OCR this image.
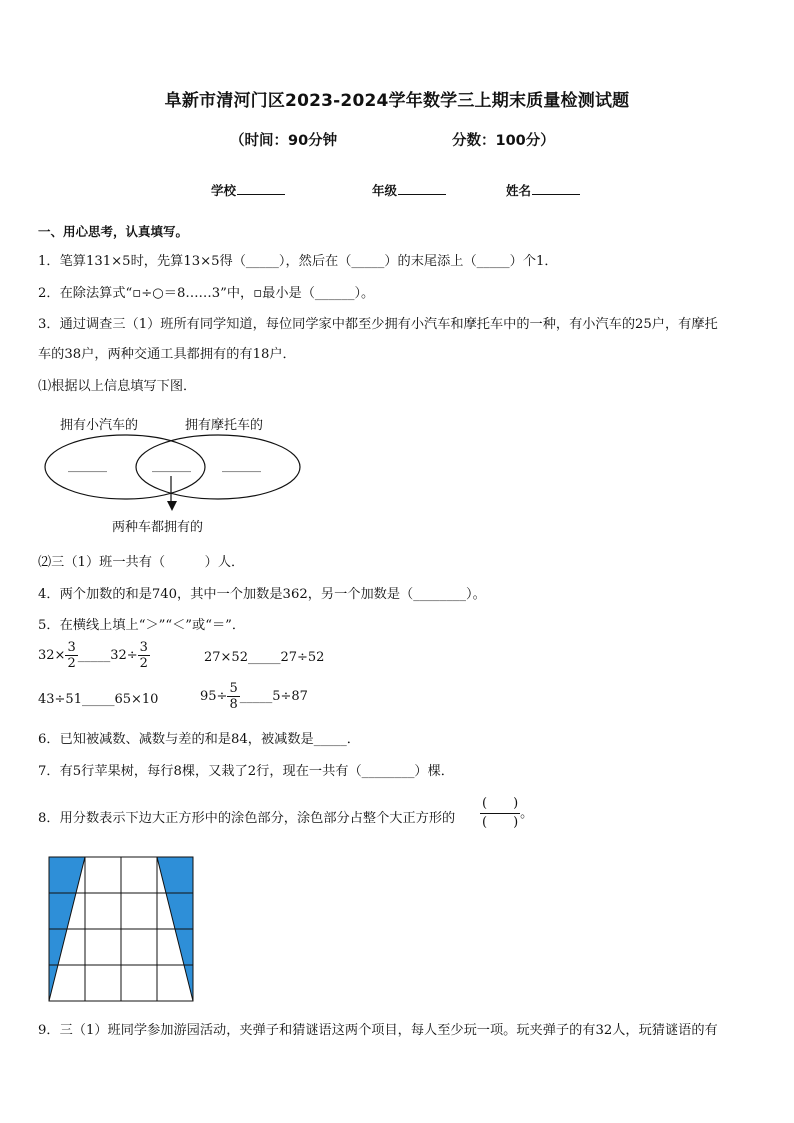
阜新市清河门区2023-2024学年数学三上期末质量检测试题
（时间：90分钟	分数：100分）
学校	年级	姓名
一、用心思考，认真填写。
1．笔算131×5时，先算13×5得（_____），然后在（_____）的末尾添上（_____）个1．
2．在除法算式“▫÷○＝8……3”中，▫最小是（______）。
3．通过调查三（1）班所有同学知道，每位同学家中都至少拥有小汽车和摩托车中的一种，有小汽车的25户，有摩托
车的38户，两种交通工具都拥有的有18户．
⑴根据以上信息填写下图．
拥有小汽车的	拥有摩托车的
______	______ ______
两种车都拥有的
⑵三（1）班一共有（　　　）人．
4．两个加数的和是740，其中一个加数是362，另一个加数是（________）。
5．在横线上填上“＞”“＜”或“＝”．
$32\times \frac{3}{2}$ _____32÷ $\frac{3}{2}$	27×52_____27÷52
43÷51_____65×10	$95\div \frac{5}{8}$ _____5÷87
6．已知被减数、减数与差的和是84，被减数是_____．
7．有5行苹果树，每行8棵，又栽了2行，现在一共有（________）棵．
8．用分数表示下边大正方形中的涂色部分，涂色部分占整个大正方形的 $\frac{( )}{( )}$ 。
9．三（1）班同学参加游园活动，夹弹子和猜谜语这两个项目，每人至少玩一项。玩夹弹子的有32人，玩猜谜语的有
